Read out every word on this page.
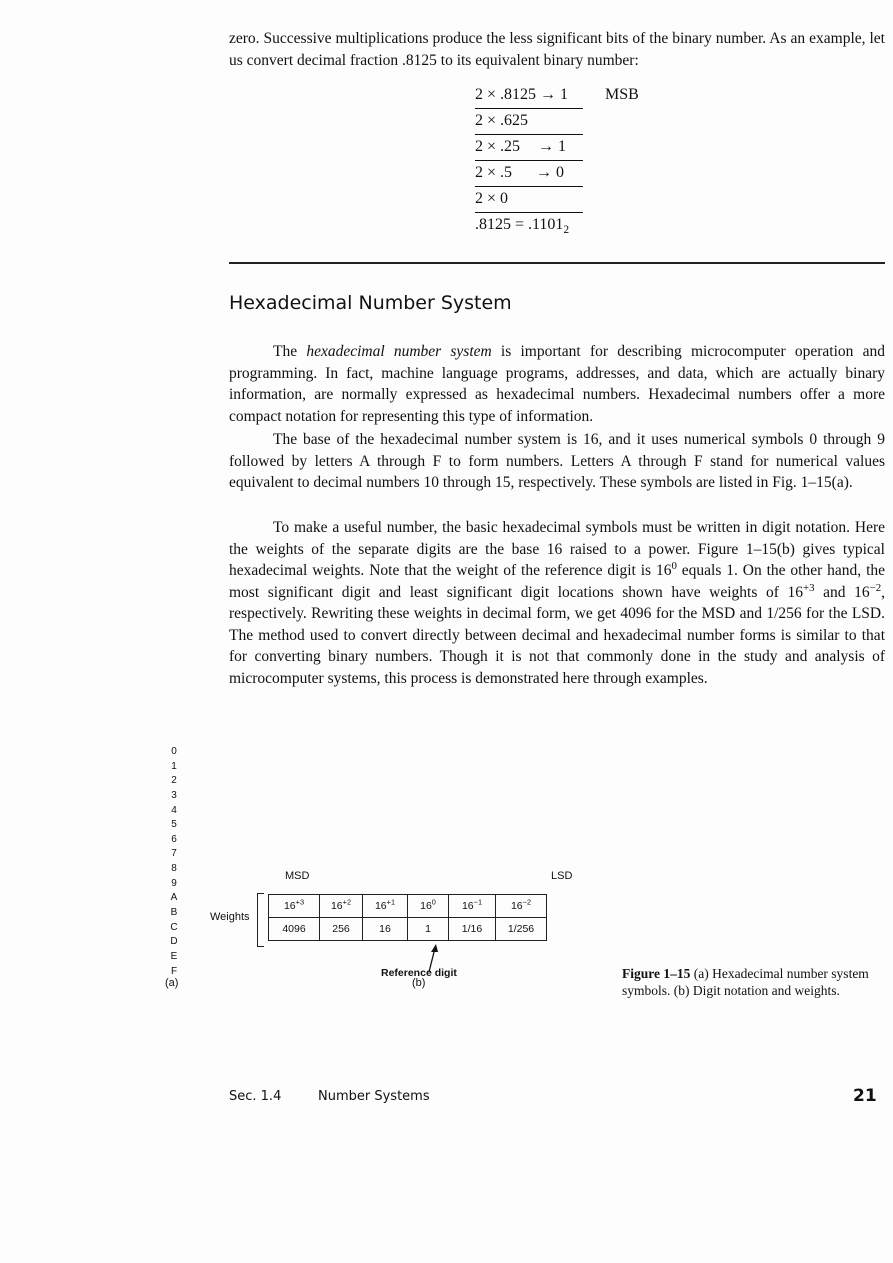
zero. Successive multiplications produce the less significant bits of the binary number. As an example, let us convert decimal fraction .8125 to its equivalent binary number:

2 × .8125 → 1 MSB
2 × .625
2 × .25 → 1
2 × .5 → 0
2 × 0
$.8125 = .1101_2$
Hexadecimal Number System

The hexadecimal number system is important for describing microcomputer operation and programming. In fact, machine language programs, addresses, and data, which are actually binary information, are normally expressed as hexadecimal numbers. Hexadecimal numbers offer a more compact notation for representing this type of information.

The base of the hexadecimal number system is 16, and it uses numerical symbols 0 through 9 followed by letters A through F to form numbers. Letters A through F stand for numerical values equivalent to decimal numbers 10 through 15, respectively. These symbols are listed in Fig. 1–15(a).

To make a useful number, the basic hexadecimal symbols must be written in digit notation. Here the weights of the separate digits are the base 16 raised to a power. Figure 1–15(b) gives typical hexadecimal weights. Note that the weight of the reference digit is $16^0$ equals 1. On the other hand, the most significant digit and least significant digit locations shown have weights of $16^{+3}$ and $16^{-2}$, respectively. Rewriting these weights in decimal form, we get 4096 for the MSD and 1/256 for the LSD. The method used to convert directly between decimal and hexadecimal number forms is similar to that for converting binary numbers. Though it is not that commonly done in the study and analysis of microcomputer systems, this process is demonstrated here through examples.

0
1
2
3
4
5
6
7
8
9
A
B
C
D
E
F
(a)
MSD	LSD
Weights
$16^{+3}$	$16^{+2}$	$16^{+1}$	$16^0$	$16^{-1}$	$16^{-2}$
4096	256	16	1	1/16	1/256
Reference digit
(b)
Figure 1–15 (a) Hexadecimal number system symbols. (b) Digit notation and weights.
Sec. 1.4	Number Systems	21
